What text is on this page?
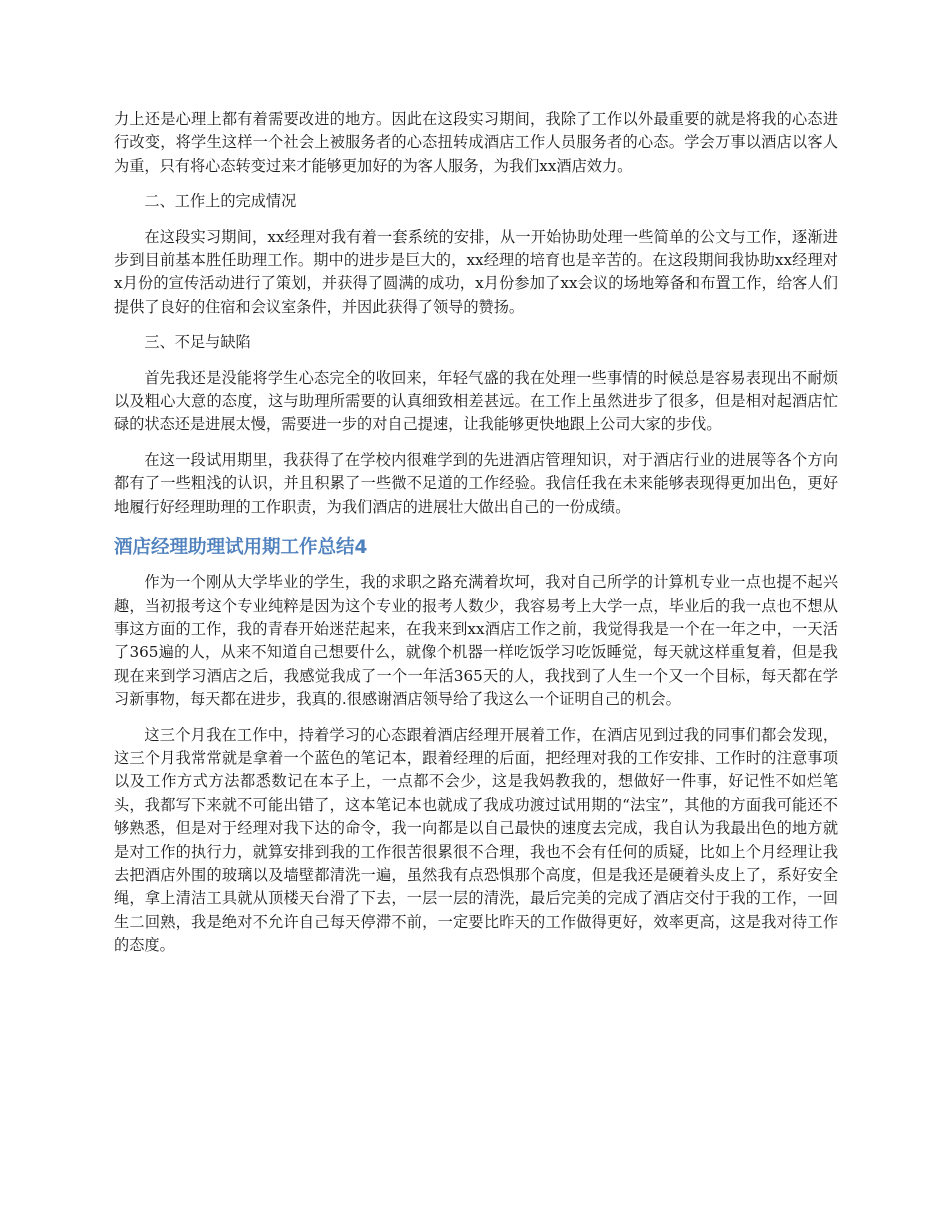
力上还是心理上都有着需要改进的地方。因此在这段实习期间，我除了工作以外最重要的就是将我的心态进行改变，将学生这样一个社会上被服务者的心态扭转成酒店工作人员服务者的心态。学会万事以酒店以客人为重，只有将心态转变过来才能够更加好的为客人服务，为我们xx酒店效力。

二、工作上的完成情况

在这段实习期间，xx经理对我有着一套系统的安排，从一开始协助处理一些简单的公文与工作，逐渐进步到目前基本胜任助理工作。期中的进步是巨大的，xx经理的培育也是辛苦的。在这段期间我协助xx经理对x月份的宣传活动进行了策划，并获得了圆满的成功，x月份参加了xx会议的场地筹备和布置工作，给客人们提供了良好的住宿和会议室条件，并因此获得了领导的赞扬。

三、不足与缺陷

首先我还是没能将学生心态完全的收回来，年轻气盛的我在处理一些事情的时候总是容易表现出不耐烦以及粗心大意的态度，这与助理所需要的认真细致相差甚远。在工作上虽然进步了很多，但是相对起酒店忙碌的状态还是进展太慢，需要进一步的对自己提速，让我能够更快地跟上公司大家的步伐。

在这一段试用期里，我获得了在学校内很难学到的先进酒店管理知识，对于酒店行业的进展等各个方向都有了一些粗浅的认识，并且积累了一些微不足道的工作经验。我信任我在未来能够表现得更加出色，更好地履行好经理助理的工作职责，为我们酒店的进展壮大做出自己的一份成绩。

酒店经理助理试用期工作总结4

作为一个刚从大学毕业的学生，我的求职之路充满着坎坷，我对自己所学的计算机专业一点也提不起兴趣，当初报考这个专业纯粹是因为这个专业的报考人数少，我容易考上大学一点，毕业后的我一点也不想从事这方面的工作，我的青春开始迷茫起来，在我来到xx酒店工作之前，我觉得我是一个在一年之中，一天活了365遍的人，从来不知道自己想要什么，就像个机器一样吃饭学习吃饭睡觉，每天就这样重复着，但是我现在来到学习酒店之后，我感觉我成了一个一年活365天的人，我找到了人生一个又一个目标，每天都在学习新事物，每天都在进步，我真的.很感谢酒店领导给了我这么一个证明自己的机会。

这三个月我在工作中，持着学习的心态跟着酒店经理开展着工作，在酒店见到过我的同事们都会发现，这三个月我常常就是拿着一个蓝色的笔记本，跟着经理的后面，把经理对我的工作安排、工作时的注意事项以及工作方式方法都悉数记在本子上，一点都不会少，这是我妈教我的，想做好一件事，好记性不如烂笔头，我都写下来就不可能出错了，这本笔记本也就成了我成功渡过试用期的“法宝”，其他的方面我可能还不够熟悉，但是对于经理对我下达的命令，我一向都是以自己最快的速度去完成，我自认为我最出色的地方就是对工作的执行力，就算安排到我的工作很苦很累很不合理，我也不会有任何的质疑，比如上个月经理让我去把酒店外围的玻璃以及墙壁都清洗一遍，虽然我有点恐惧那个高度，但是我还是硬着头皮上了，系好安全绳，拿上清洁工具就从顶楼天台滑了下去，一层一层的清洗，最后完美的完成了酒店交付于我的工作，一回生二回熟，我是绝对不允许自己每天停滞不前，一定要比昨天的工作做得更好，效率更高，这是我对待工作的态度。
